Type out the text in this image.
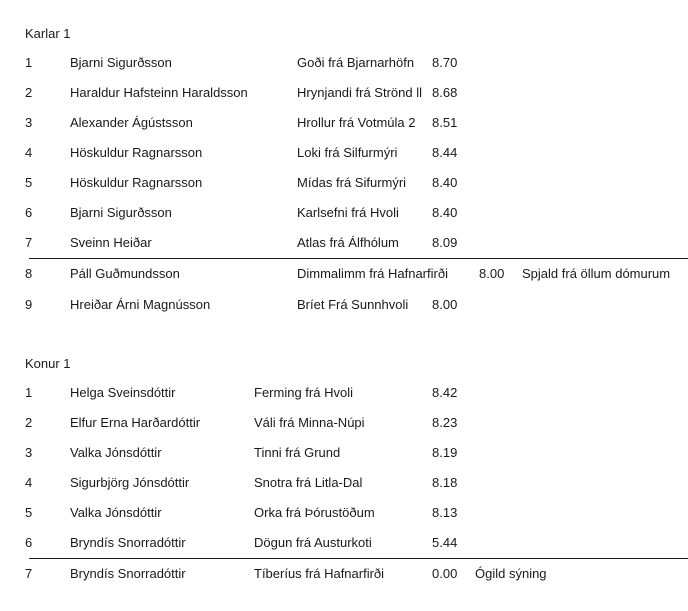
Karlar 1
1	Bjarni Sigurðsson	Goði frá Bjarnarhöfn 8.70
2	Haraldur Hafsteinn Haraldsson	Hrynjandi frá Strönd ll 8.68
3	Alexander Ágústsson	Hrollur frá Votmúla 2 8.51
4	Höskuldur Ragnarsson	Loki frá Silfurmýri	8.44
5	Höskuldur Ragnarsson	Mídas frá Sifurmýri 8.40
6	Bjarni Sigurðsson	Karlsefni frá Hvoli	8.40
7	Sveinn Heiðar	Atlas frá Álfhólum	8.09
8	Páll Guðmundsson	Dimmalimm frá Hafnarfirði 8.00 Spjald frá öllum dómurum
9	Hreiðar Árni Magnússon	Bríet Frá Sunnhvoli 8.00
Konur 1
1	Helga Sveinsdóttir	Ferming frá Hvoli	8.42
2	Elfur Erna Harðardóttir	Váli frá Minna-Núpi	8.23
3	Valka Jónsdóttir	Tinni frá Grund	8.19
4	Sigurbjörg Jónsdóttir	Snotra frá Litla-Dal	8.18
5	Valka Jónsdóttir	Orka frá Þórustöðum	8.13
6	Bryndís Snorradóttir	Dögun frá Austurkoti	5.44
7	Bryndís Snorradóttir	Tíberíus frá Hafnarfirði	0.00 Ógild sýning
